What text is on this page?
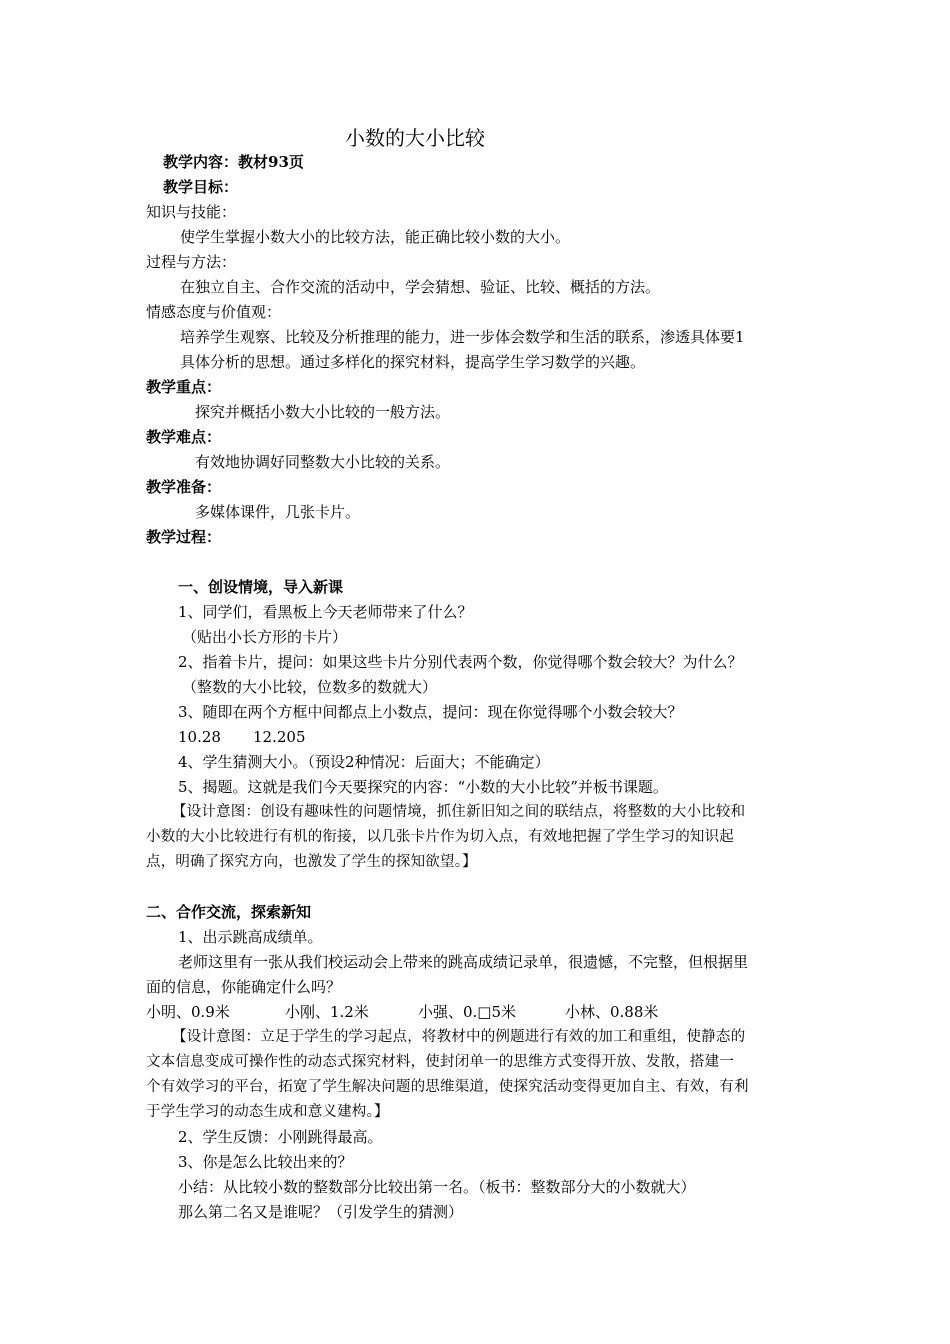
小数的大小比较
教学内容：教材93页
教学目标：
知识与技能：
使学生掌握小数大小的比较方法，能正确比较小数的大小。
过程与方法：
在独立自主、合作交流的活动中，学会猜想、验证、比较、概括的方法。
情感态度与价值观：
培养学生观察、比较及分析推理的能力，进一步体会数学和生活的联系，渗透具体要1
具体分析的思想。通过多样化的探究材料，提高学生学习数学的兴趣。
教学重点：
探究并概括小数大小比较的一般方法。
教学难点：
有效地协调好同整数大小比较的关系。
教学准备：
多媒体课件，几张卡片。
教学过程：
一、创设情境，导入新课
1、同学们，看黑板上今天老师带来了什么？
（贴出小长方形的卡片）
2、指着卡片，提问：如果这些卡片分别代表两个数，你觉得哪个数会较大？为什么？
（整数的大小比较，位数多的数就大）
3、随即在两个方框中间都点上小数点，提问：现在你觉得哪个小数会较大？
10.28 12.205
4、学生猜测大小。（预设2种情况：后面大；不能确定）
5、揭题。这就是我们今天要探究的内容：“小数的大小比较”并板书课题。
【设计意图：创设有趣味性的问题情境，抓住新旧知之间的联结点，将整数的大小比较和
小数的大小比较进行有机的衔接，以几张卡片作为切入点，有效地把握了学生学习的知识起
点，明确了探究方向，也激发了学生的探知欲望。】
二、合作交流，探索新知
1、出示跳高成绩单。
老师这里有一张从我们校运动会上带来的跳高成绩记录单，很遗憾，不完整，但根据里
面的信息，你能确定什么吗？
小明、0.9米	小刚、1.2米	小强、0.□5米	小林、0.88米
【设计意图：立足于学生的学习起点，将教材中的例题进行有效的加工和重组，使静态的
文本信息变成可操作性的动态式探究材料，使封闭单一的思维方式变得开放、发散，搭建一
个有效学习的平台，拓宽了学生解决问题的思维渠道，使探究活动变得更加自主、有效，有利
于学生学习的动态生成和意义建构。】
2、学生反馈：小刚跳得最高。
3、你是怎么比较出来的？
小结：从比较小数的整数部分比较出第一名。（板书：整数部分大的小数就大）
那么第二名又是谁呢？（引发学生的猜测）
